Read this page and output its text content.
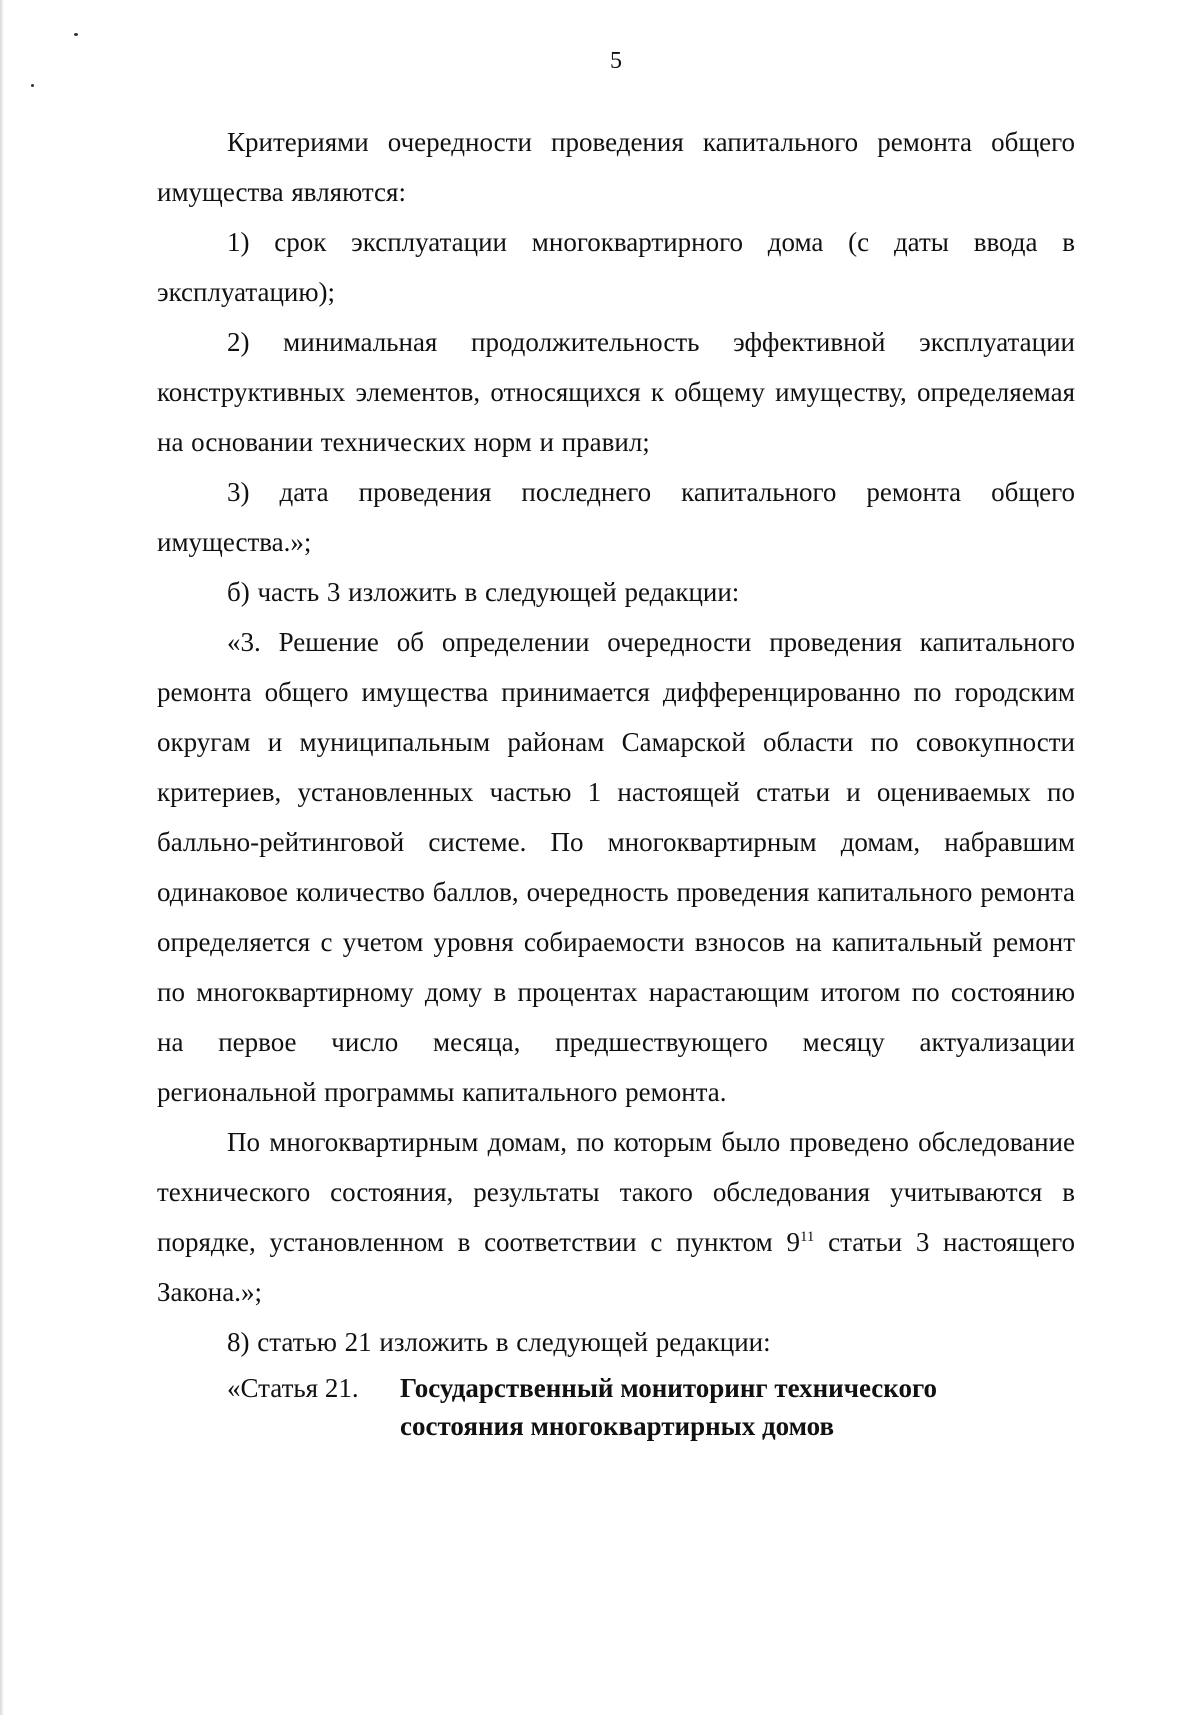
5

Критериями очередности проведения капитального ремонта общего имущества являются:

1) срок эксплуатации многоквартирного дома (с даты ввода в эксплуатацию);

2) минимальная продолжительность эффективной эксплуатации конструктивных элементов, относящихся к общему имуществу, определяемая на основании технических норм и правил;

3) дата проведения последнего капитального ремонта общего имущества.»;

б) часть 3 изложить в следующей редакции:

«3. Решение об определении очередности проведения капитального ремонта общего имущества принимается дифференцированно по городским округам и муниципальным районам Самарской области по совокупности критериев, установленных частью 1 настоящей статьи и оцениваемых по балльно-рейтинговой системе. По многоквартирным домам, набравшим одинаковое количество баллов, очередность проведения капитального ремонта определяется с учетом уровня собираемости взносов на капитальный ремонт по многоквартирному дому в процентах нарастающим итогом по состоянию на первое число месяца, предшествующего месяцу актуализации региональной программы капитального ремонта.

По многоквартирным домам, по которым было проведено обследование технического состояния, результаты такого обследования учитываются в порядке, установленном в соответствии с пунктом $9^{11}$ статьи 3 настоящего Закона.»;

8) статью 21 изложить в следующей редакции:

«Статья 21.	Государственный мониторинг технического состояния многоквартирных домов
